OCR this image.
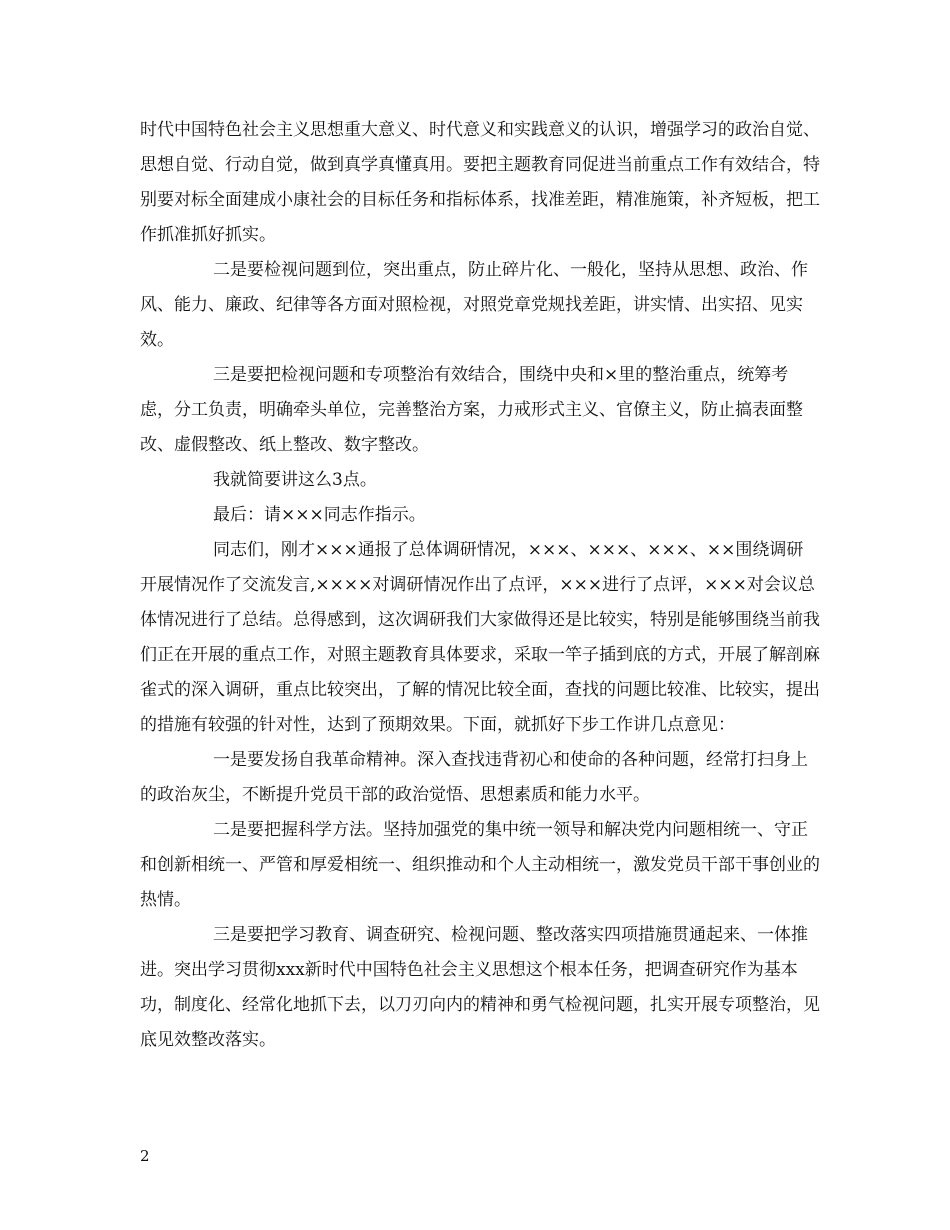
时代中国特色社会主义思想重大意义、时代意义和实践意义的认识，增强学习的政治自觉、思想自觉、行动自觉，做到真学真懂真用。要把主题教育同促进当前重点工作有效结合，特别要对标全面建成小康社会的目标任务和指标体系，找准差距，精准施策，补齐短板，把工作抓准抓好抓实。

二是要检视问题到位，突出重点，防止碎片化、一般化，坚持从思想、政治、作风、能力、廉政、纪律等各方面对照检视，对照党章党规找差距，讲实情、出实招、见实效。

三是要把检视问题和专项整治有效结合，围绕中央和×里的整治重点，统筹考虑，分工负责，明确牵头单位，完善整治方案，力戒形式主义、官僚主义，防止搞表面整改、虚假整改、纸上整改、数字整改。

我就简要讲这么3点。

最后：请×××同志作指示。

同志们，刚才×××通报了总体调研情况，×××、×××、×××、××围绕调研开展情况作了交流发言,××××对调研情况作出了点评，×××进行了点评，×××对会议总体情况进行了总结。总得感到，这次调研我们大家做得还是比较实，特别是能够围绕当前我们正在开展的重点工作，对照主题教育具体要求，采取一竿子插到底的方式，开展了解剖麻雀式的深入调研，重点比较突出，了解的情况比较全面，查找的问题比较准、比较实，提出的措施有较强的针对性，达到了预期效果。下面，就抓好下步工作讲几点意见：

一是要发扬自我革命精神。深入查找违背初心和使命的各种问题，经常打扫身上的政治灰尘，不断提升党员干部的政治觉悟、思想素质和能力水平。

二是要把握科学方法。坚持加强党的集中统一领导和解决党内问题相统一、守正和创新相统一、严管和厚爱相统一、组织推动和个人主动相统一，激发党员干部干事创业的热情。

三是要把学习教育、调查研究、检视问题、整改落实四项措施贯通起来、一体推进。突出学习贯彻xxx新时代中国特色社会主义思想这个根本任务，把调查研究作为基本功，制度化、经常化地抓下去，以刀刃向内的精神和勇气检视问题，扎实开展专项整治，见底见效整改落实。

2
